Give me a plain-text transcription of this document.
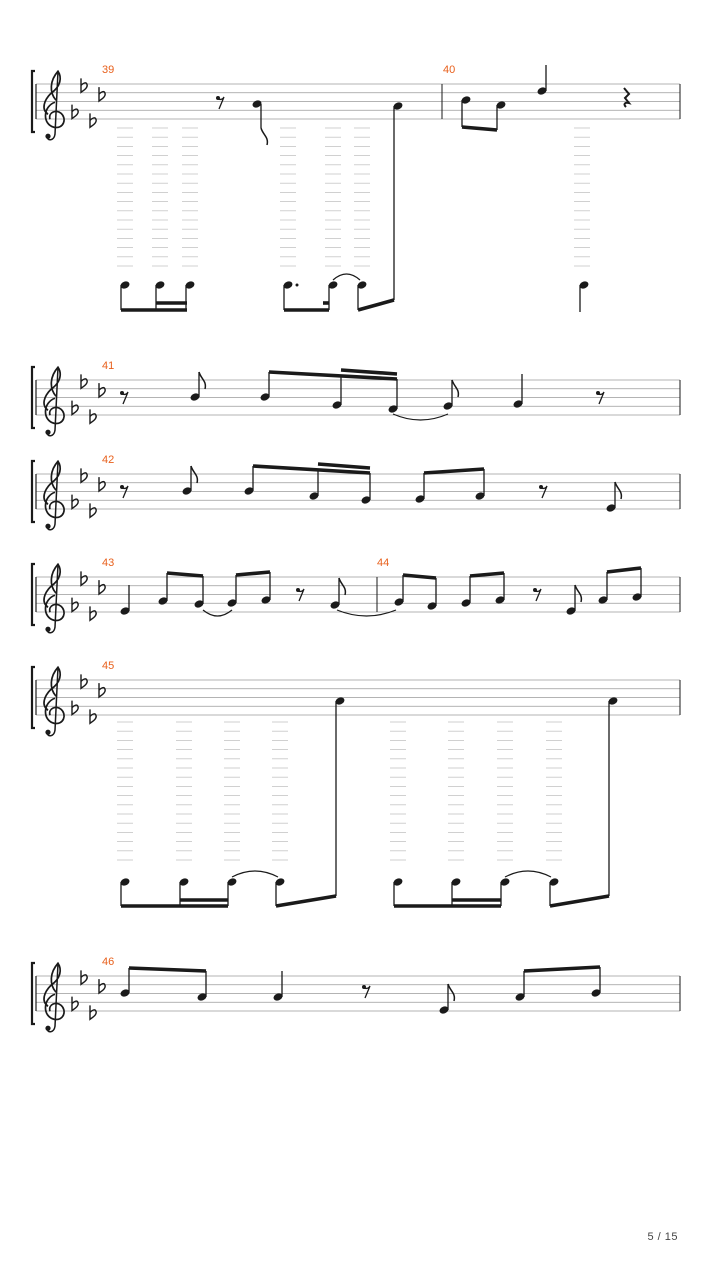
39	40
41
42
43	44
45
46
5 / 15
